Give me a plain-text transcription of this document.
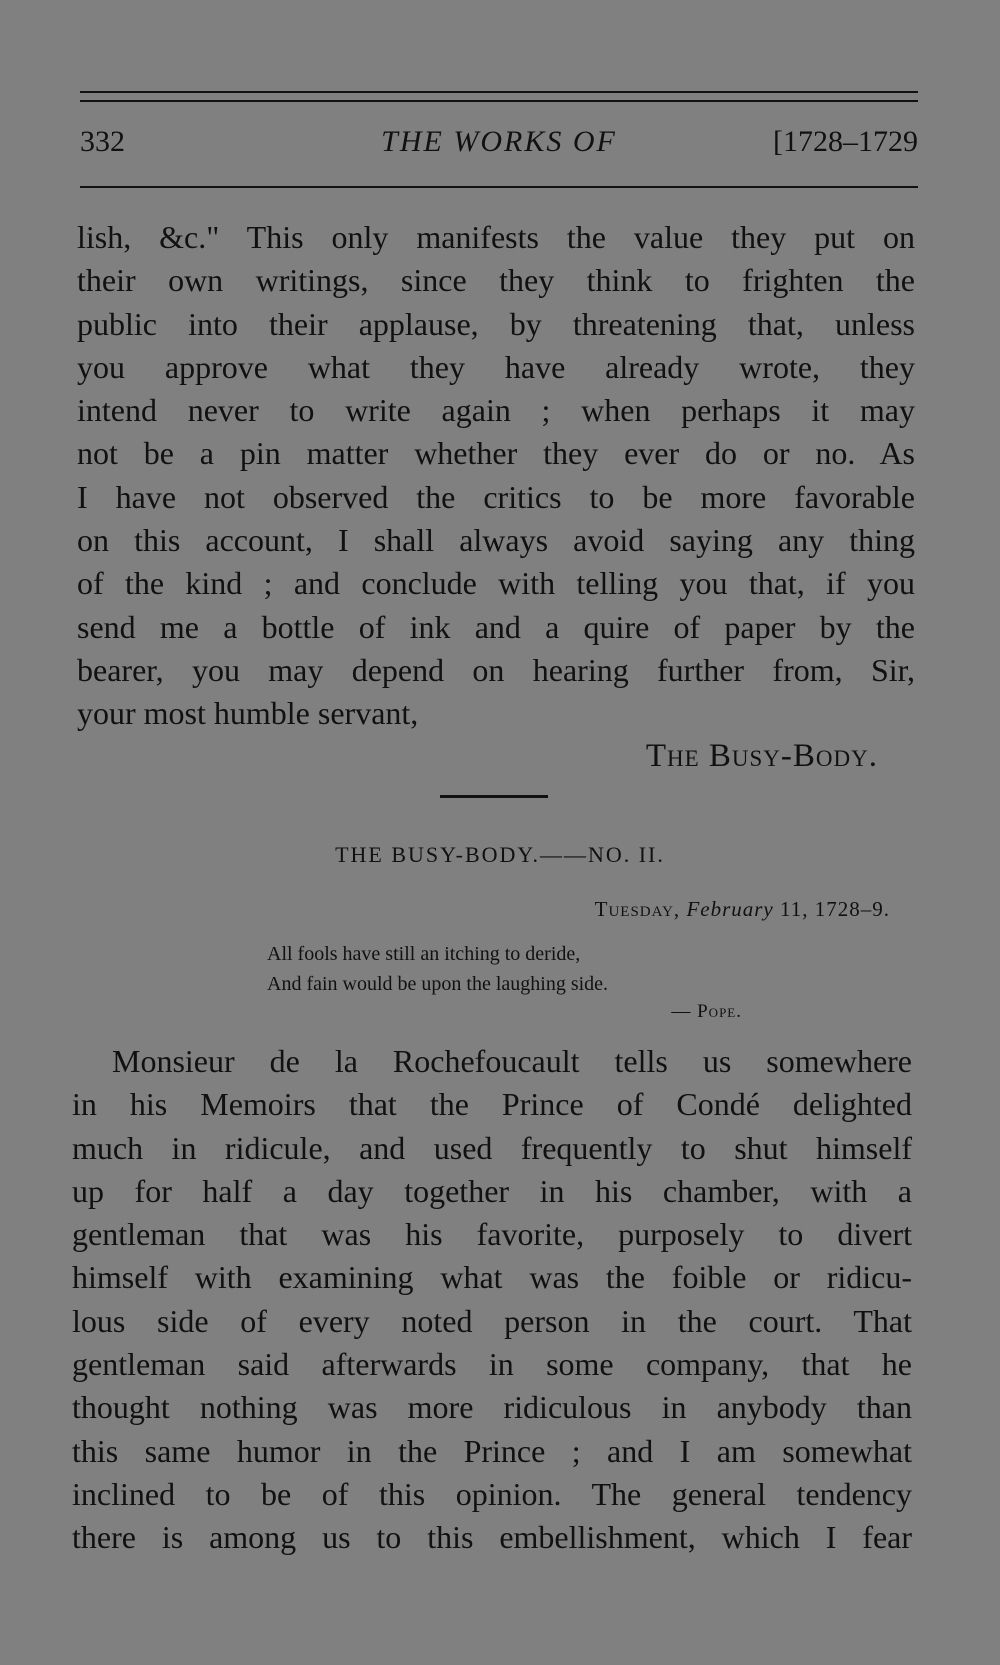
332	THE WORKS OF	[1728–1729
lish, &c." This only manifests the value they put on
their own writings, since they think to frighten the
public into their applause, by threatening that, unless
you approve what they have already wrote, they
intend never to write again ; when perhaps it may
not be a pin matter whether they ever do or no. As
I have not observed the critics to be more favorable
on this account, I shall always avoid saying any thing
of the kind ; and conclude with telling you that, if you
send me a bottle of ink and a quire of paper by the
bearer, you may depend on hearing further from, Sir,
your most humble servant,
The Busy-Body.
THE BUSY-BODY.——NO. II.
Tuesday, February 11, 1728–9.
All fools have still an itching to deride,
And fain would be upon the laughing side.
— Pope.
Monsieur de la Rochefoucault tells us somewhere
in his Memoirs that the Prince of Condé delighted
much in ridicule, and used frequently to shut himself
up for half a day together in his chamber, with a
gentleman that was his favorite, purposely to divert
himself with examining what was the foible or ridicu-
lous side of every noted person in the court. That
gentleman said afterwards in some company, that he
thought nothing was more ridiculous in anybody than
this same humor in the Prince ; and I am somewhat
inclined to be of this opinion. The general tendency
there is among us to this embellishment, which I fear
